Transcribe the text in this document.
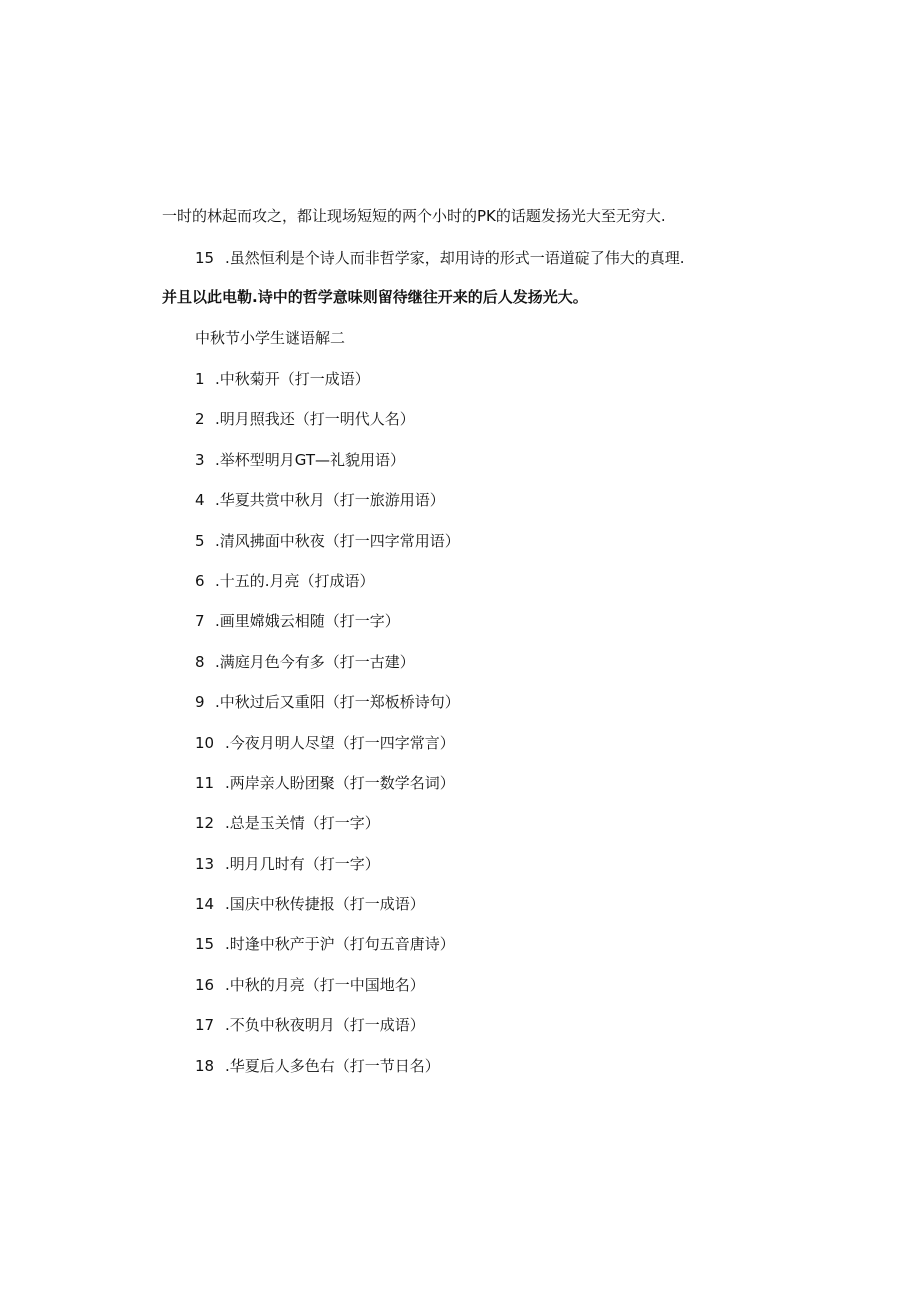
一时的林起而攻之，都让现场短短的两个小时的PK的话题发扬光大至无穷大.
15 .虽然恒利是个诗人而非哲学家，却用诗的形式一语道碇了伟大的真理.
并且以此电勒.诗中的哲学意味则留待继往开来的后人发扬光大。
中秋节小学生谜语解二
1 .中秋菊开（打一成语）
2 .明月照我还（打一明代人名）
3 .举杯型明月GT—礼貌用语）
4 .华夏共赏中秋月（打一旅游用语）
5 .清风拂面中秋夜（打一四字常用语）
6 .十五的.月亮（打成语）
7 .画里嫦娥云相随（打一字）
8 .满庭月色今有多（打一古建）
9 .中秋过后又重阳（打一郑板桥诗句）
10 .今夜月明人尽望（打一四字常言）
11 .两岸亲人盼团聚（打一数学名词）
12 .总是玉关情（打一字）
13 .明月几时有（打一字）
14 .国庆中秋传捷报（打一成语）
15 .时逢中秋产于沪（打句五音唐诗）
16 .中秋的月亮（打一中国地名）
17 .不负中秋夜明月（打一成语）
18 .华夏后人多色右（打一节日名）
